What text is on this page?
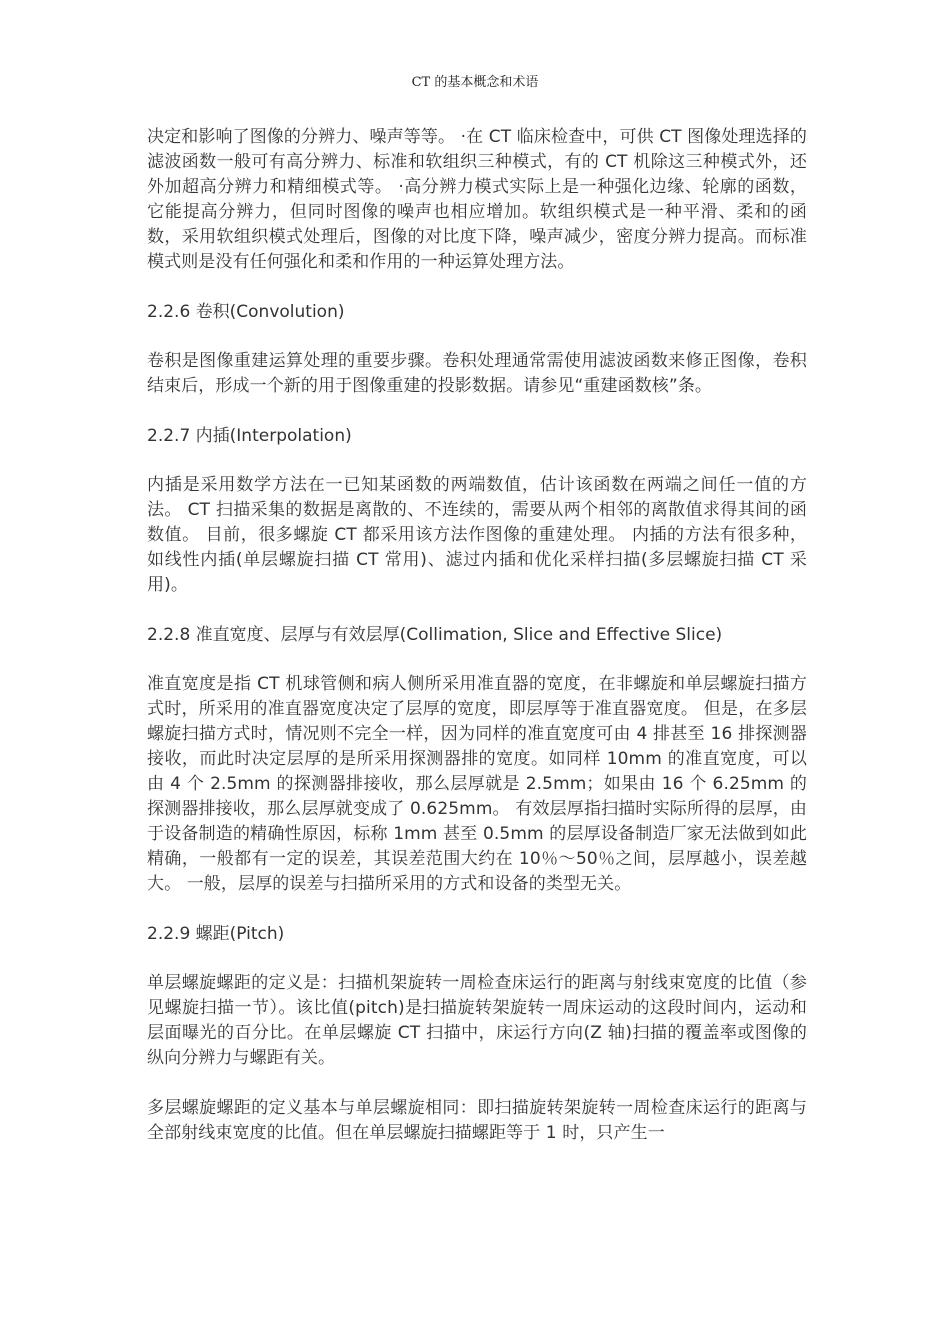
CT 的基本概念和术语

决定和影响了图像的分辨力、噪声等等。 ·在 CT 临床检查中，可供 CT 图像处理选择的滤波函数一般可有高分辨力、标准和软组织三种模式，有的 CT 机除这三种模式外，还外加超高分辨力和精细模式等。 ·高分辨力模式实际上是一种强化边缘、轮廓的函数，它能提高分辨力，但同时图像的噪声也相应增加。软组织模式是一种平滑、柔和的函数，采用软组织模式处理后，图像的对比度下降，噪声减少，密度分辨力提高。而标准模式则是没有任何强化和柔和作用的一种运算处理方法。

2.2.6 卷积(Convolution)

卷积是图像重建运算处理的重要步骤。卷积处理通常需使用滤波函数来修正图像，卷积结束后，形成一个新的用于图像重建的投影数据。请参见“重建函数核”条。

2.2.7 内插(Interpolation)

内插是采用数学方法在一已知某函数的两端数值，估计该函数在两端之间任一值的方法。 CT 扫描采集的数据是离散的、不连续的，需要从两个相邻的离散值求得其间的函数值。 目前，很多螺旋 CT 都采用该方法作图像的重建处理。 内插的方法有很多种，如线性内插(单层螺旋扫描 CT 常用)、滤过内插和优化采样扫描(多层螺旋扫描 CT 采用)。

2.2.8 准直宽度、层厚与有效层厚(Collimation, Slice and Effective Slice)

准直宽度是指 CT 机球管侧和病人侧所采用准直器的宽度，在非螺旋和单层螺旋扫描方式时，所采用的准直器宽度决定了层厚的宽度，即层厚等于准直器宽度。 但是，在多层螺旋扫描方式时，情况则不完全一样，因为同样的准直宽度可由 4 排甚至 16 排探测器接收，而此时决定层厚的是所采用探测器排的宽度。如同样 10mm 的准直宽度，可以由 4 个 2.5mm 的探测器排接收，那么层厚就是 2.5mm；如果由 16 个 6.25mm 的探测器排接收，那么层厚就变成了 0.625mm。 有效层厚指扫描时实际所得的层厚，由于设备制造的精确性原因，标称 1mm 甚至 0.5mm 的层厚设备制造厂家无法做到如此精确，一般都有一定的误差，其误差范围大约在 10％～50％之间，层厚越小，误差越大。 一般，层厚的误差与扫描所采用的方式和设备的类型无关。

2.2.9 螺距(Pitch)

单层螺旋螺距的定义是：扫描机架旋转一周检查床运行的距离与射线束宽度的比值（参见螺旋扫描一节）。该比值(pitch)是扫描旋转架旋转一周床运动的这段时间内，运动和层面曝光的百分比。在单层螺旋 CT 扫描中，床运行方向(Z 轴)扫描的覆盖率或图像的纵向分辨力与螺距有关。

多层螺旋螺距的定义基本与单层螺旋相同：即扫描旋转架旋转一周检查床运行的距离与全部射线束宽度的比值。但在单层螺旋扫描螺距等于 1 时，只产生一
